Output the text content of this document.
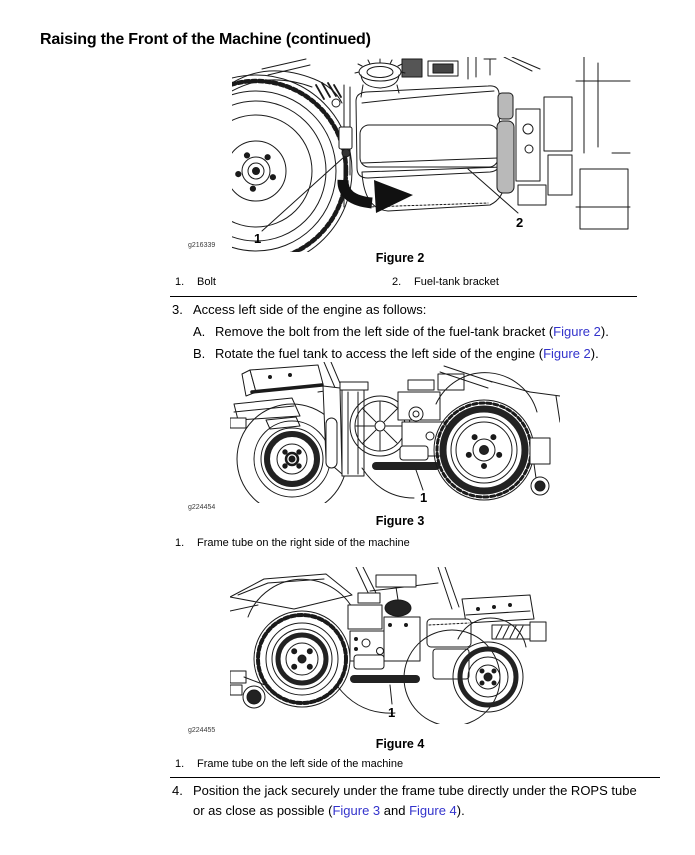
Raising the Front of the Machine (continued)
1
2
g216339
Figure 2
1.	Bolt	2.	Fuel-tank bracket
3. Access left side of the engine as follows:
A. Remove the bolt from the left side of the fuel-tank bracket (Figure 2).
B. Rotate the fuel tank to access the left side of the engine (Figure 2).
1
g224454
Figure 3
1.	Frame tube on the right side of the machine
1
g224455
Figure 4
1.	Frame tube on the left side of the machine
4. Position the jack securely under the frame tube directly under the ROPS tube
or as close as possible (Figure 3 and Figure 4).
